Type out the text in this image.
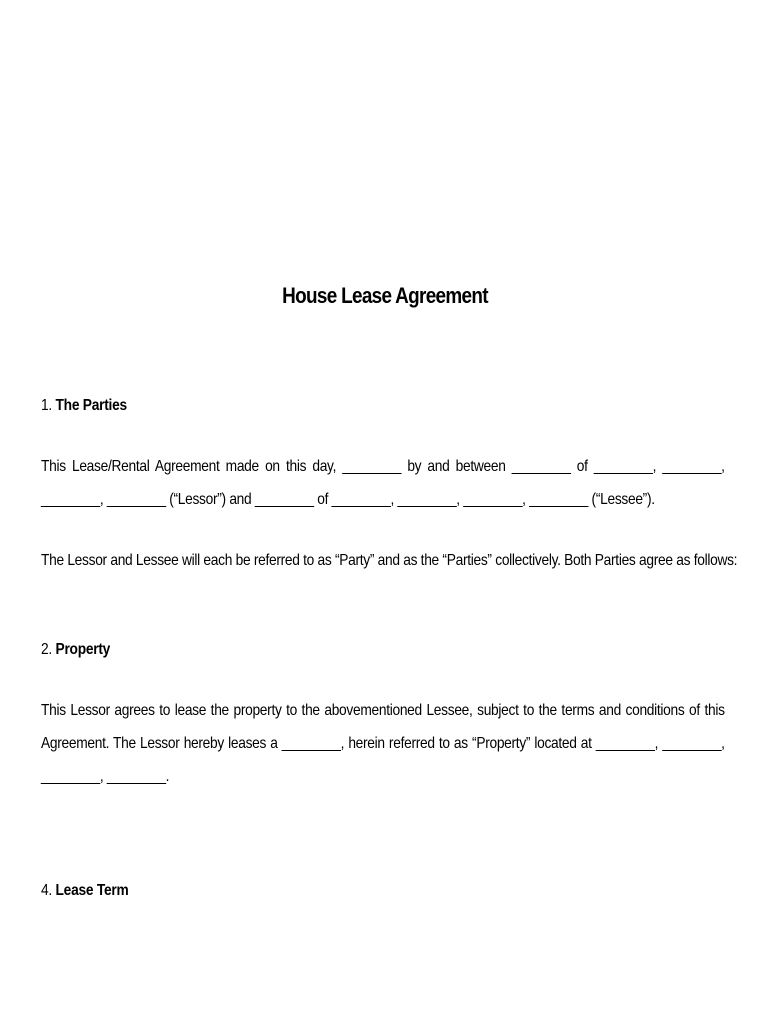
House Lease Agreement
1. The Parties
This Lease/Rental Agreement made on this day, ________ by and between ________ of ________, ________,
________, ________ (“Lessor”) and ________ of ________, ________, ________, ________ (“Lessee”).
The Lessor and Lessee will each be referred to as “Party” and as the “Parties” collectively. Both Parties agree as follows:
2. Property
This Lessor agrees to lease the property to the abovementioned Lessee, subject to the terms and conditions of this
Agreement. The Lessor hereby leases a ________, herein referred to as “Property” located at ________, ________,
________, ________.
4. Lease Term
